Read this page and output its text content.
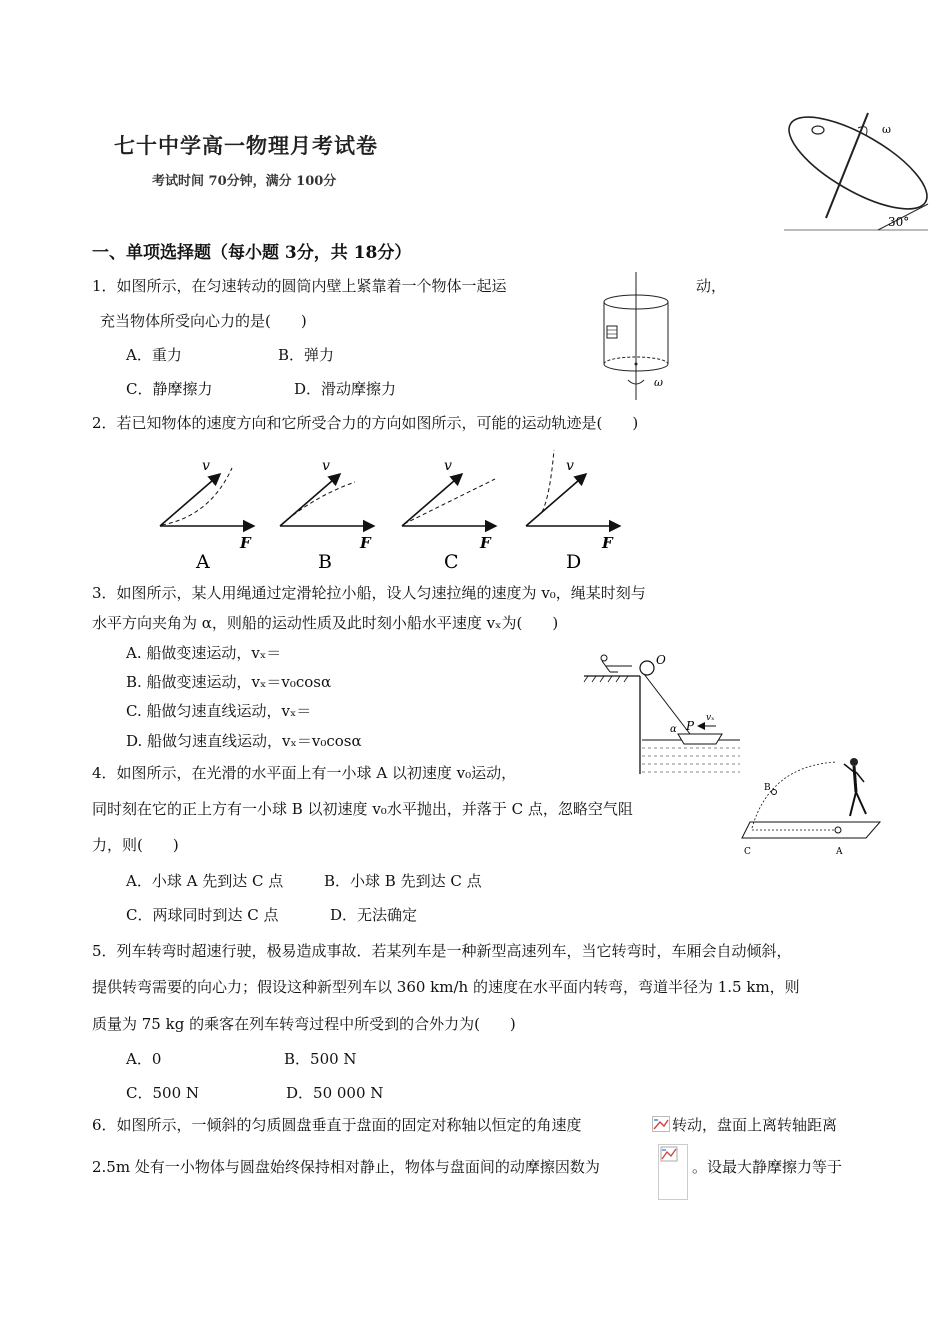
七十中学高一物理月考试卷
考试时间 70分钟，满分 100分
ω
30°
一、单项选择题（每小题 3分，共 18分）
1．如图所示，在匀速转动的圆筒内壁上紧靠着一个物体一起运	动，
充当物体所受向心力的是(　　)
A．重力	B．弹力
C．静摩擦力	D．滑动摩擦力	ω
2．若已知物体的速度方向和它所受合力的方向如图所示，可能的运动轨迹是(　　)
v
F
A
v
F
B
v
F
C
v
F
D
3．如图所示，某人用绳通过定滑轮拉小船，设人匀速拉绳的速度为 v₀，绳某时刻与
水平方向夹角为 α，则船的运动性质及此时刻小船水平速度 vₓ为(　　)
A. 船做变速运动，vₓ＝
B. 船做变速运动，vₓ＝v₀cosα
C. 船做匀速直线运动，vₓ＝
D. 船做匀速直线运动，vₓ＝v₀cosα
O
P
α
vₓ
4．如图所示，在光滑的水平面上有一小球 A 以初速度 v₀运动，
同时刻在它的正上方有一小球 B 以初速度 v₀水平抛出，并落于 C 点，忽略空气阻
力，则(　　)
A．小球 A 先到达 C 点	B．小球 B 先到达 C 点
C．两球同时到达 C 点	D．无法确定
B
C	A
5．列车转弯时超速行驶，极易造成事故．若某列车是一种新型高速列车，当它转弯时，车厢会自动倾斜，
提供转弯需要的向心力；假设这种新型列车以 360 km/h 的速度在水平面内转弯，弯道半径为 1.5 km，则
质量为 75 kg 的乘客在列车转弯过程中所受到的合外力为(　　)
A．0	B．500 N
C．500 N	D．50 000 N
6．如图所示，一倾斜的匀质圆盘垂直于盘面的固定对称轴以恒定的角速度	转动，盘面上离转轴距离
2.5m 处有一小物体与圆盘始终保持相对静止，物体与盘面间的动摩擦因数为	。设最大静摩擦力等于
